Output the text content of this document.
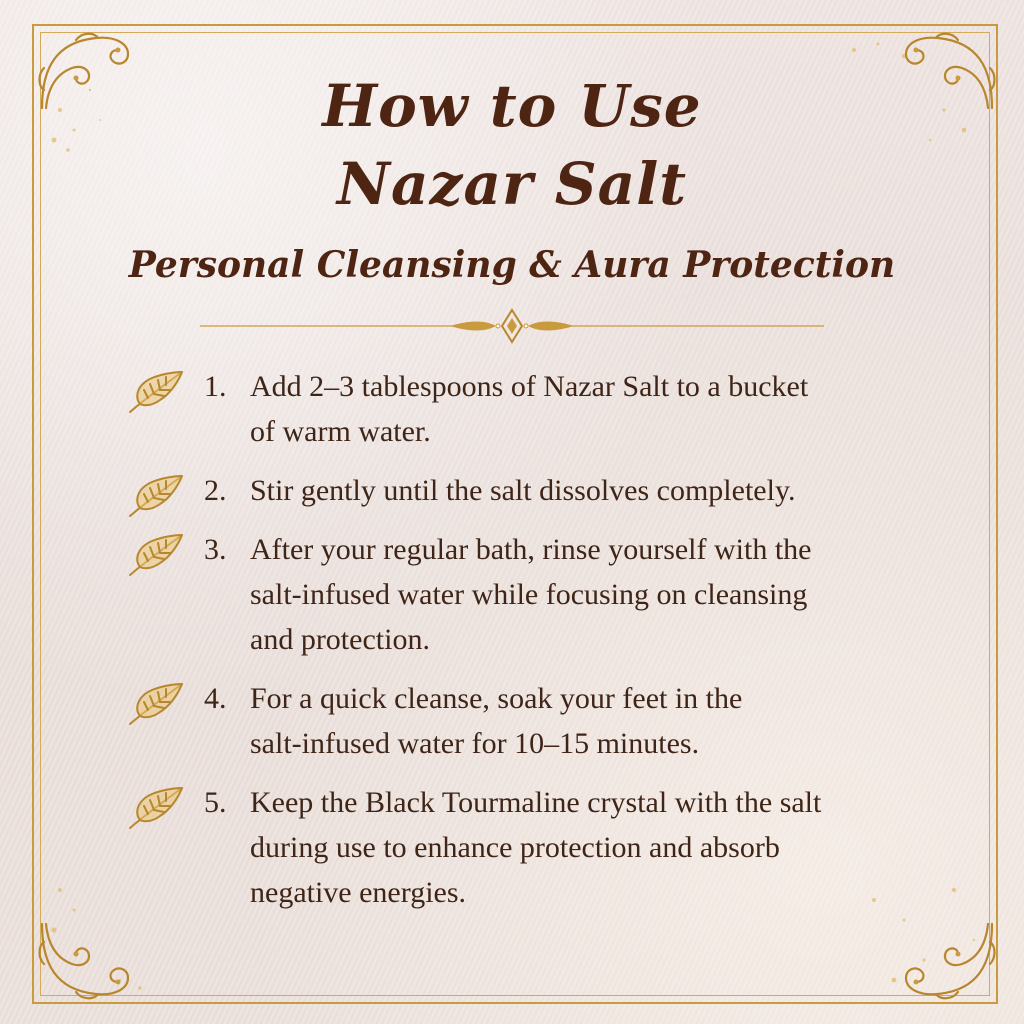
How to Use
Nazar Salt
Personal Cleansing & Aura Protection
1. Add 2–3 tablespoons of Nazar Salt to a bucket

of warm water.

2. Stir gently until the salt dissolves completely.

3. After your regular bath, rinse yourself with the

salt-infused water while focusing on cleansing

and protection.

4. For a quick cleanse, soak your feet in the

salt-infused water for 10–15 minutes.

5. Keep the Black Tourmaline crystal with the salt

during use to enhance protection and absorb

negative energies.
